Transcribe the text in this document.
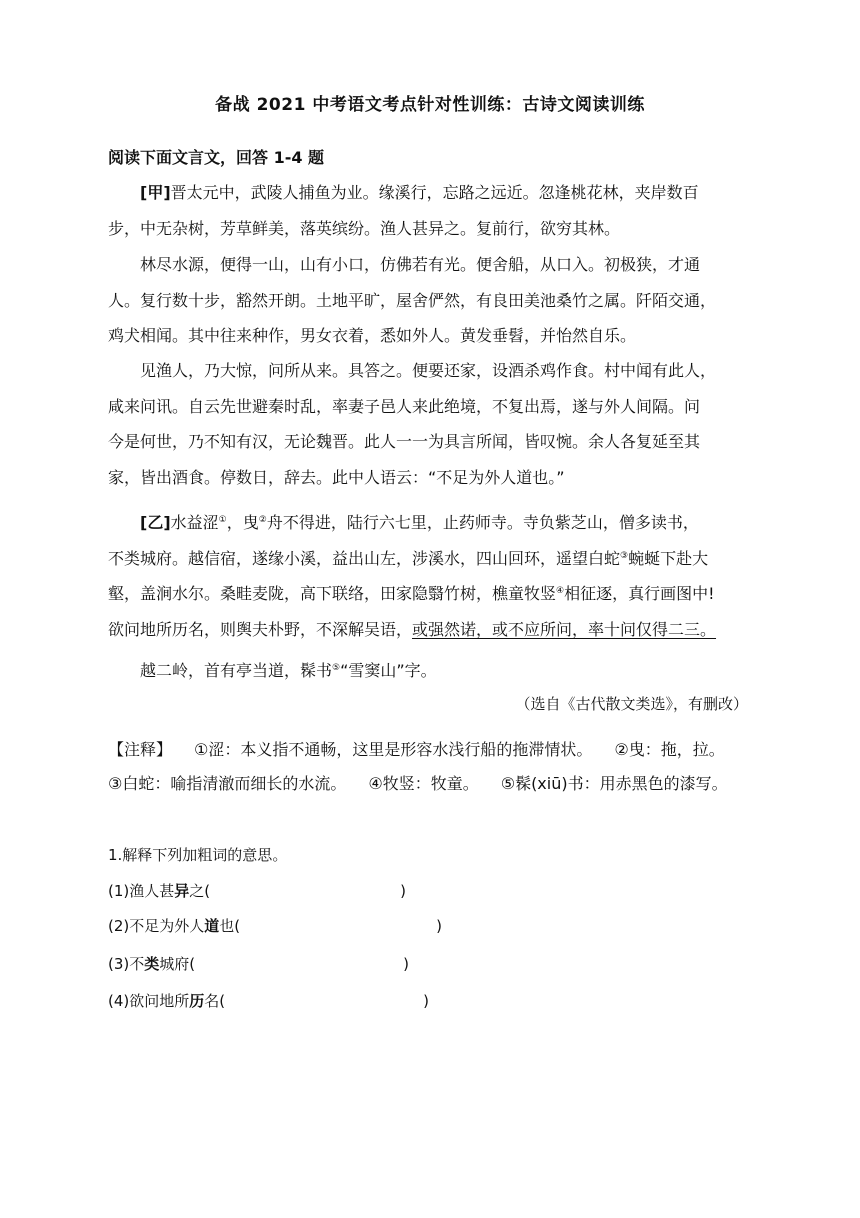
备战 2021 中考语文考点针对性训练：古诗文阅读训练
阅读下面文言文，回答 1-4 题

[甲]晋太元中，武陵人捕鱼为业。缘溪行，忘路之远近。忽逢桃花林，夹岸数百
步，中无杂树，芳草鲜美，落英缤纷。渔人甚异之。复前行，欲穷其林。

林尽水源，便得一山，山有小口，仿佛若有光。便舍船，从口入。初极狭，才通
人。复行数十步，豁然开朗。土地平旷，屋舍俨然，有良田美池桑竹之属。阡陌交通，
鸡犬相闻。其中往来种作，男女衣着，悉如外人。黄发垂髫，并怡然自乐。

见渔人，乃大惊，问所从来。具答之。便要还家，设酒杀鸡作食。村中闻有此人，
咸来问讯。自云先世避秦时乱，率妻子邑人来此绝境，不复出焉，遂与外人间隔。问
今是何世，乃不知有汉，无论魏晋。此人一一为具言所闻，皆叹惋。余人各复延至其
家，皆出酒食。停数日，辞去。此中人语云：“不足为外人道也。”

[乙]水益涩①，曳②舟不得进，陆行六七里，止药师寺。寺负紫芝山，僧多读书，
不类城府。越信宿，遂缘小溪，益出山左，涉溪水，四山回环，遥望白蛇③蜿蜒下赴大
壑，盖涧水尔。桑畦麦陇，高下联络，田家隐翳竹树，樵童牧竖④相征逐，真行画图中!
欲问地所历名，则舆夫朴野，不深解吴语，或强然诺，或不应所问，率十问仅得二三。

越二岭，首有亭当道，髹书⑤“雪窦山”字。

（选自《古代散文类选》，有删改）
【注释】 ①涩：本义指不通畅，这里是形容水浅行船的拖滞情状。 ②曳：拖，拉。
③白蛇：喻指清澈而细长的水流。 ④牧竖：牧童。 ⑤髹(xiū)书：用赤黑色的漆写。
1.解释下列加粗词的意思。
(1)渔人甚异之(	)
(2)不足为外人道也(	)
(3)不类城府(	)
(4)欲问地所历名(	)
